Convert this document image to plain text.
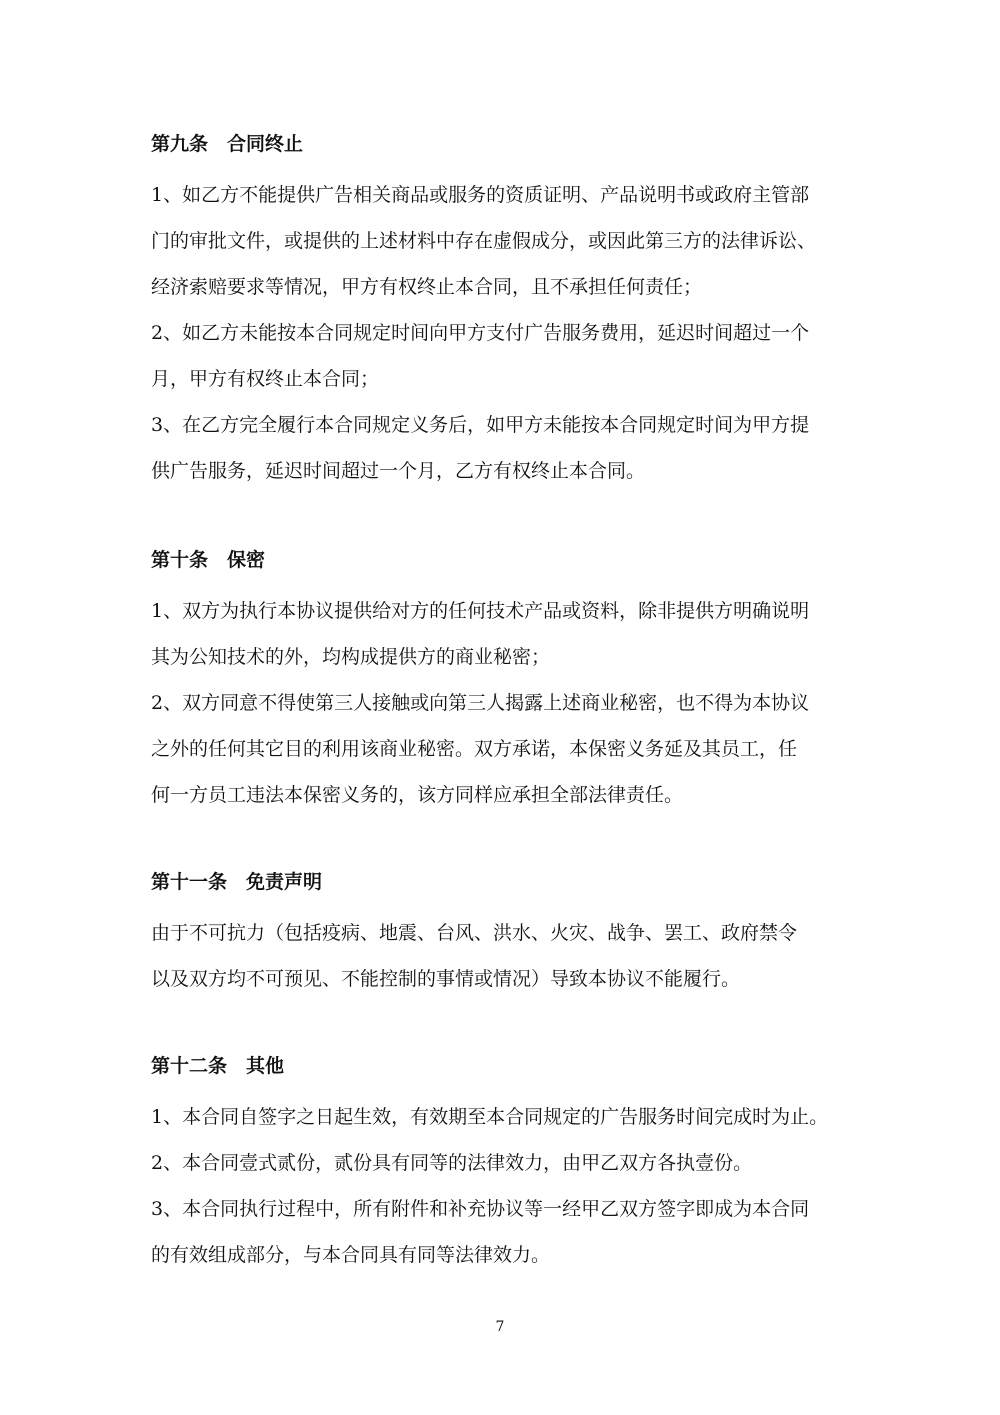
第九条 合同终止

1、如乙方不能提供广告相关商品或服务的资质证明、产品说明书或政府主管部
门的审批文件，或提供的上述材料中存在虚假成分，或因此第三方的法律诉讼、
经济索赔要求等情况，甲方有权终止本合同，且不承担任何责任；
2、如乙方未能按本合同规定时间向甲方支付广告服务费用，延迟时间超过一个
月，甲方有权终止本合同；
3、在乙方完全履行本合同规定义务后，如甲方未能按本合同规定时间为甲方提
供广告服务，延迟时间超过一个月，乙方有权终止本合同。

第十条 保密

1、双方为执行本协议提供给对方的任何技术产品或资料，除非提供方明确说明
其为公知技术的外，均构成提供方的商业秘密；
2、双方同意不得使第三人接触或向第三人揭露上述商业秘密，也不得为本协议
之外的任何其它目的利用该商业秘密。双方承诺，本保密义务延及其员工，任
何一方员工违法本保密义务的，该方同样应承担全部法律责任。

第十一条 免责声明

由于不可抗力（包括疫病、地震、台风、洪水、火灾、战争、罢工、政府禁令
以及双方均不可预见、不能控制的事情或情况）导致本协议不能履行。

第十二条 其他

1、本合同自签字之日起生效，有效期至本合同规定的广告服务时间完成时为止。
2、本合同壹式贰份，贰份具有同等的法律效力，由甲乙双方各执壹份。
3、本合同执行过程中，所有附件和补充协议等一经甲乙双方签字即成为本合同
的有效组成部分，与本合同具有同等法律效力。

7
